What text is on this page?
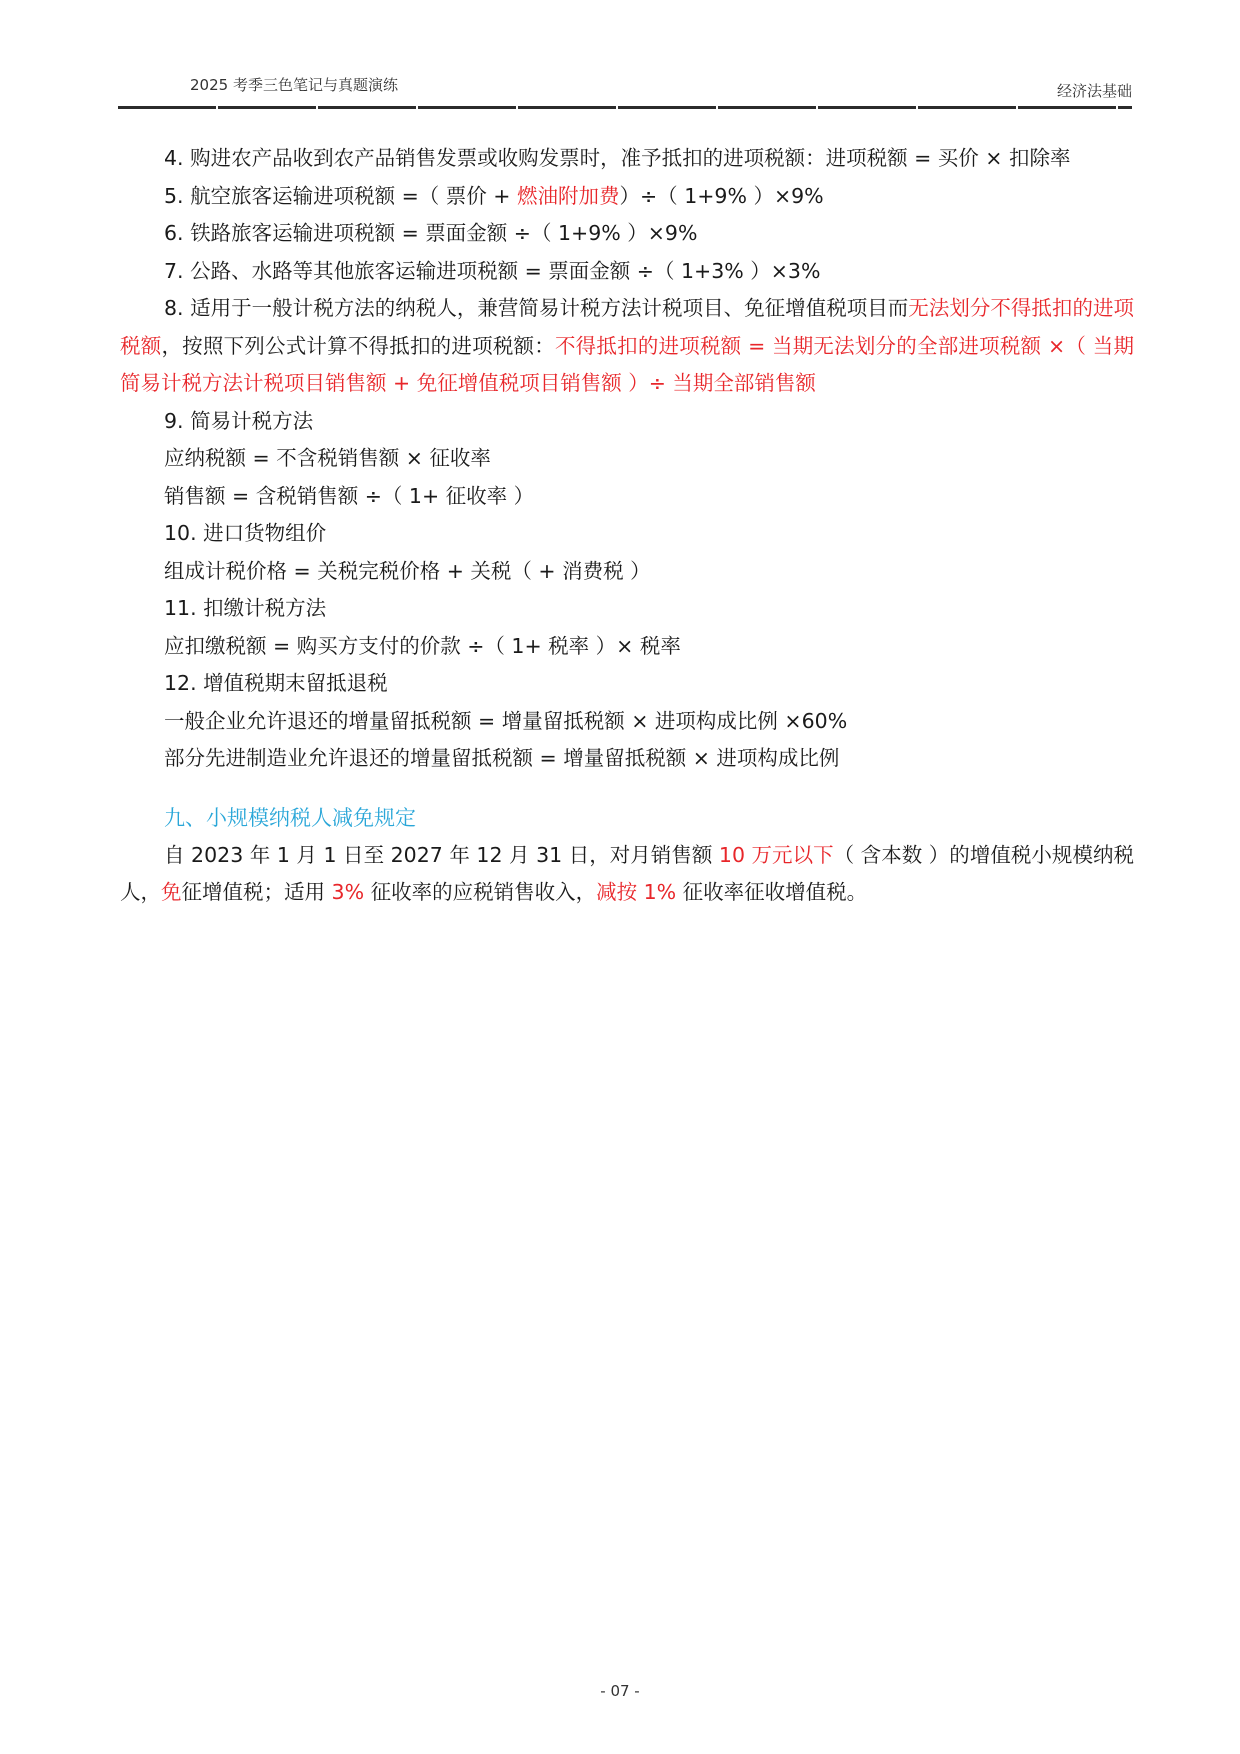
2025 考季三色笔记与真题演练	经济法基础
4. 购进农产品收到农产品销售发票或收购发票时，准予抵扣的进项税额：进项税额 = 买价 × 扣除率
5. 航空旅客运输进项税额 =（ 票价 + 燃油附加费）÷（ 1+9% ）×9%
6. 铁路旅客运输进项税额 = 票面金额 ÷（ 1+9% ）×9%
7. 公路、水路等其他旅客运输进项税额 = 票面金额 ÷（ 1+3% ）×3%
8. 适用于一般计税方法的纳税人，兼营简易计税方法计税项目、免征增值税项目而无法划分不得抵扣的进项税额，按照下列公式计算不得抵扣的进项税额：不得抵扣的进项税额 = 当期无法划分的全部进项税额 ×（ 当期简易计税方法计税项目销售额 + 免征增值税项目销售额 ）÷ 当期全部销售额
9. 简易计税方法
应纳税额 = 不含税销售额 × 征收率
销售额 = 含税销售额 ÷（ 1+ 征收率 ）
10. 进口货物组价
组成计税价格 = 关税完税价格 + 关税（ + 消费税 ）
11. 扣缴计税方法
应扣缴税额 = 购买方支付的价款 ÷（ 1+ 税率 ）× 税率
12. 增值税期末留抵退税
一般企业允许退还的增量留抵税额 = 增量留抵税额 × 进项构成比例 ×60%
部分先进制造业允许退还的增量留抵税额 = 增量留抵税额 × 进项构成比例
九、小规模纳税人减免规定
自 2023 年 1 月 1 日至 2027 年 12 月 31 日，对月销售额 10 万元以下（ 含本数 ）的增值税小规模纳税人，免征增值税；适用 3% 征收率的应税销售收入，减按 1% 征收率征收增值税。
- 07 -
